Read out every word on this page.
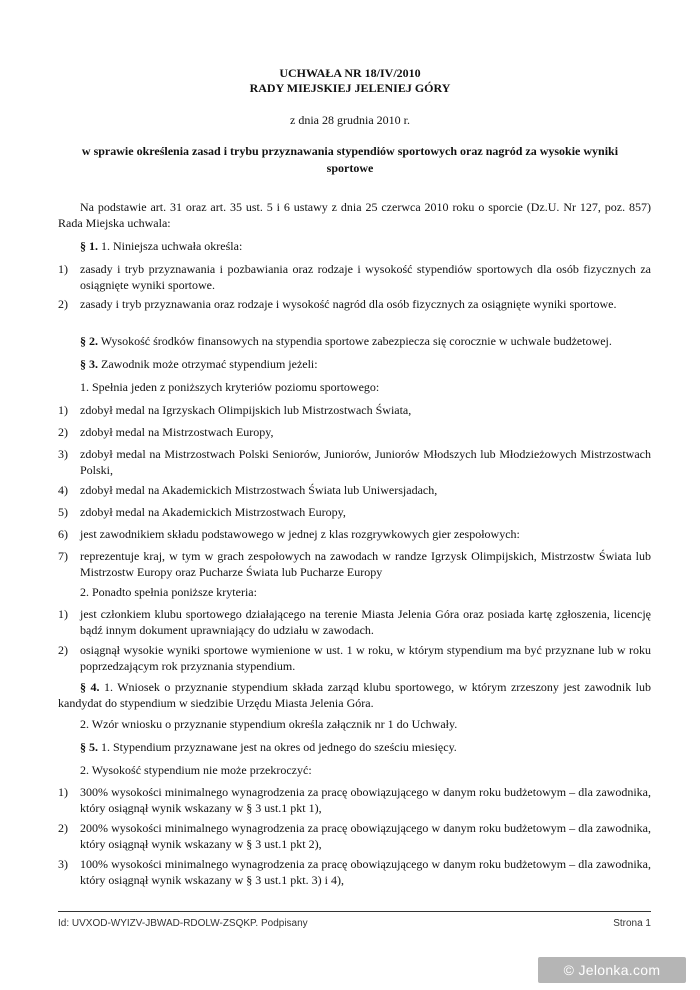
UCHWAŁA NR 18/IV/2010
RADY MIEJSKIEJ JELENIEJ GÓRY
z dnia 28 grudnia 2010 r.
w sprawie określenia zasad i trybu przyznawania stypendiów sportowych oraz nagród za wysokie wyniki sportowe
Na podstawie art. 31 oraz art. 35 ust. 5 i 6 ustawy z dnia 25 czerwca 2010 roku o sporcie (Dz.U. Nr 127, poz. 857) Rada Miejska uchwala:
§ 1. 1. Niniejsza uchwała określa:
1)	zasady i tryb przyznawania i pozbawiania oraz rodzaje i wysokość stypendiów sportowych dla osób fizycznych za osiągnięte wyniki sportowe.
2)	zasady i tryb przyznawania oraz rodzaje i wysokość nagród dla osób fizycznych za osiągnięte wyniki sportowe.
§ 2. Wysokość środków finansowych na stypendia sportowe zabezpiecza się corocznie w uchwale budżetowej.
§ 3. Zawodnik może otrzymać stypendium jeżeli:
1. Spełnia jeden z poniższych kryteriów poziomu sportowego:
1)	zdobył medal na Igrzyskach Olimpijskich lub Mistrzostwach Świata,
2)	zdobył medal na Mistrzostwach Europy,
3)	zdobył medal na Mistrzostwach Polski Seniorów, Juniorów, Juniorów Młodszych lub Młodzieżowych Mistrzostwach Polski,
4)	zdobył medal na Akademickich Mistrzostwach Świata lub Uniwersjadach,
5)	zdobył medal na Akademickich Mistrzostwach Europy,
6)	jest zawodnikiem składu podstawowego w jednej z klas rozgrywkowych gier zespołowych:
7)	reprezentuje kraj, w tym w grach zespołowych na zawodach w randze Igrzysk Olimpijskich, Mistrzostw Świata lub Mistrzostw Europy oraz Pucharze Świata lub Pucharze Europy
2. Ponadto spełnia poniższe kryteria:
1)	jest członkiem klubu sportowego działającego na terenie Miasta Jelenia Góra oraz posiada kartę zgłoszenia, licencję bądź innym dokument uprawniający do udziału w zawodach.
2)	osiągnął wysokie wyniki sportowe wymienione w ust. 1 w roku, w którym stypendium ma być przyznane lub w roku poprzedzającym rok przyznania stypendium.
§ 4. 1. Wniosek o przyznanie stypendium składa zarząd klubu sportowego, w którym zrzeszony jest zawodnik lub kandydat do stypendium w siedzibie Urzędu Miasta Jelenia Góra.
2. Wzór wniosku o przyznanie stypendium określa załącznik nr 1 do Uchwały.
§ 5. 1. Stypendium przyznawane jest na okres od jednego do sześciu miesięcy.
2. Wysokość stypendium nie może przekroczyć:
1)	300% wysokości minimalnego wynagrodzenia za pracę obowiązującego w danym roku budżetowym – dla zawodnika, który osiągnął wynik wskazany w § 3 ust.1 pkt 1),
2)	200% wysokości minimalnego wynagrodzenia za pracę obowiązującego w danym roku budżetowym – dla zawodnika, który osiągnął wynik wskazany w § 3 ust.1 pkt 2),
3)	100% wysokości minimalnego wynagrodzenia za pracę obowiązującego w danym roku budżetowym – dla zawodnika, który osiągnął wynik wskazany w § 3 ust.1 pkt. 3) i 4),
Id: UVXOD-WYIZV-JBWAD-RDOLW-ZSQKP. Podpisany	Strona 1
© Jelonka.com
